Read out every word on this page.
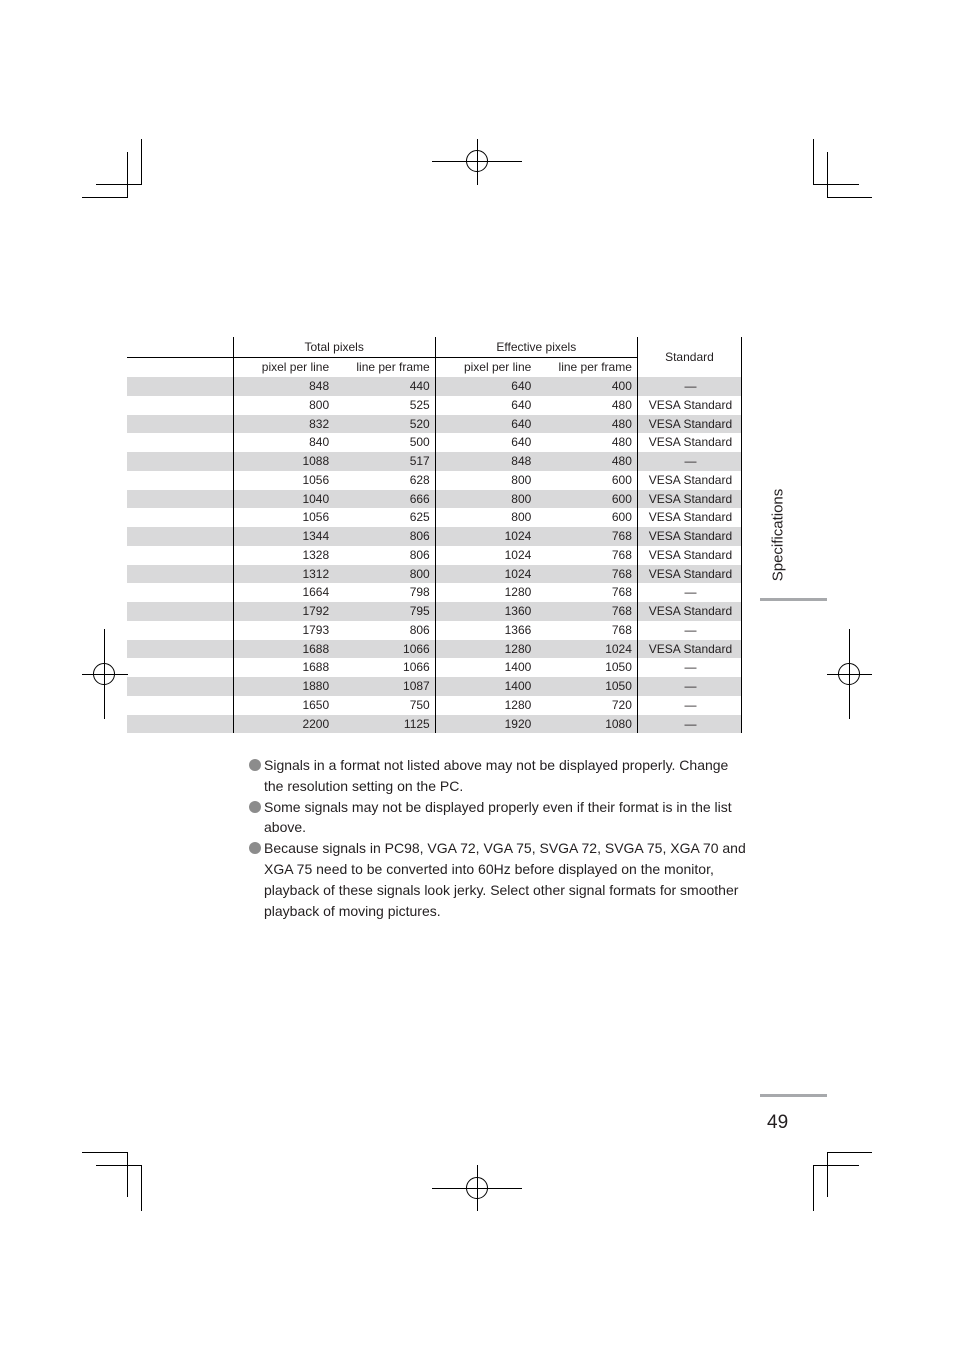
	Total pixels		Effective pixels		Standard
	pixel per line	line per frame	pixel per line	line per frame	
	848	440	640	400	—
	800	525	640	480	VESA Standard
	832	520	640	480	VESA Standard
	840	500	640	480	VESA Standard
	1088	517	848	480	—
	1056	628	800	600	VESA Standard
	1040	666	800	600	VESA Standard
	1056	625	800	600	VESA Standard
	1344	806	1024	768	VESA Standard
	1328	806	1024	768	VESA Standard
	1312	800	1024	768	VESA Standard
	1664	798	1280	768	—
	1792	795	1360	768	VESA Standard
	1793	806	1366	768	—
	1688	1066	1280	1024	VESA Standard
	1688	1066	1400	1050	—
	1880	1087	1400	1050	—
	1650	750	1280	720	—
	2200	1125	1920	1080	—

Signals in a format not listed above may not be displayed properly. Change the resolution setting on the PC.

Some signals may not be displayed properly even if their format is in the list above.

Because signals in PC98, VGA 72, VGA 75, SVGA 72, SVGA 75, XGA 70 and XGA 75 need to be converted into 60Hz before displayed on the monitor, playback of these signals look jerky. Select other signal formats for smoother playback of moving pictures.

Specifications
49
